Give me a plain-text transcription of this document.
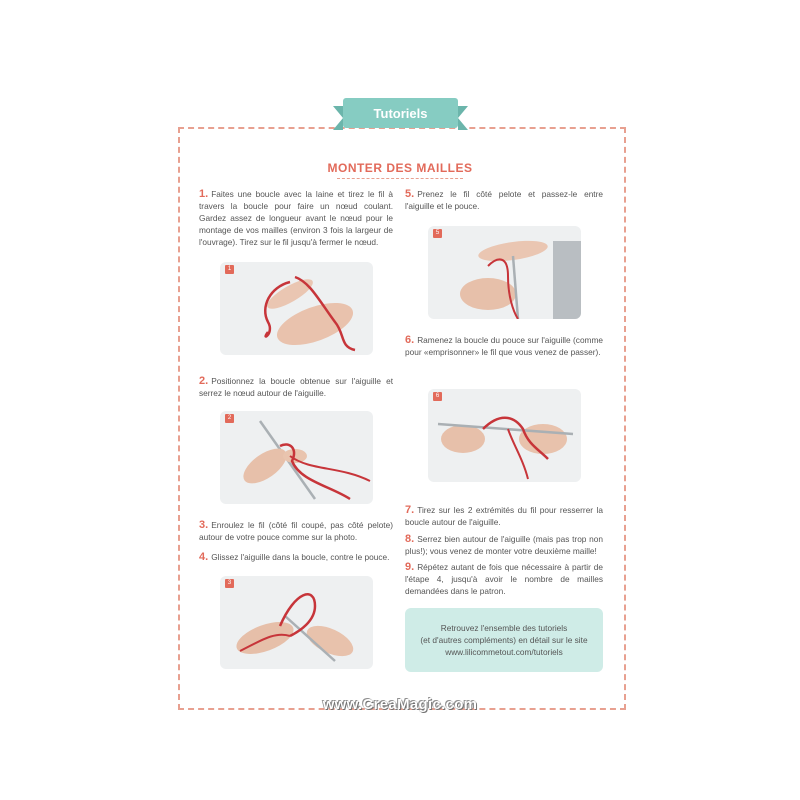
Tutoriels
MONTER DES MAILLES
1. Faites une boucle avec la laine et tirez le fil à travers la boucle pour faire un nœud coulant. Gardez assez de longueur avant le nœud pour le montage de vos mailles (environ 3 fois la largeur de l'ouvrage). Tirez sur le fil jusqu'à fermer le nœud.
1
2. Positionnez la boucle obtenue sur l'aiguille et serrez le nœud autour de l'aiguille.
2
3. Enroulez le fil (côté fil coupé, pas côté pelote) autour de votre pouce comme sur la photo.
4. Glissez l'aiguille dans la boucle, contre le pouce.
3
5. Prenez le fil côté pelote et passez-le entre l'aiguille et le pouce.
5
6. Ramenez la boucle du pouce sur l'aiguille (comme pour «emprisonner» le fil que vous venez de passer).
6
7. Tirez sur les 2 extrémités du fil pour resserrer la boucle autour de l'aiguille.
8. Serrez bien autour de l'aiguille (mais pas trop non plus!); vous venez de monter votre deuxième maille!
9. Répétez autant de fois que nécessaire à partir de l'étape 4, jusqu'à avoir le nombre de mailles demandées dans le patron.
Retrouvez l'ensemble des tutoriels
(et d'autres compléments) en détail sur le site
www.lilicommetout.com/tutoriels
www.CreaMagic.com
